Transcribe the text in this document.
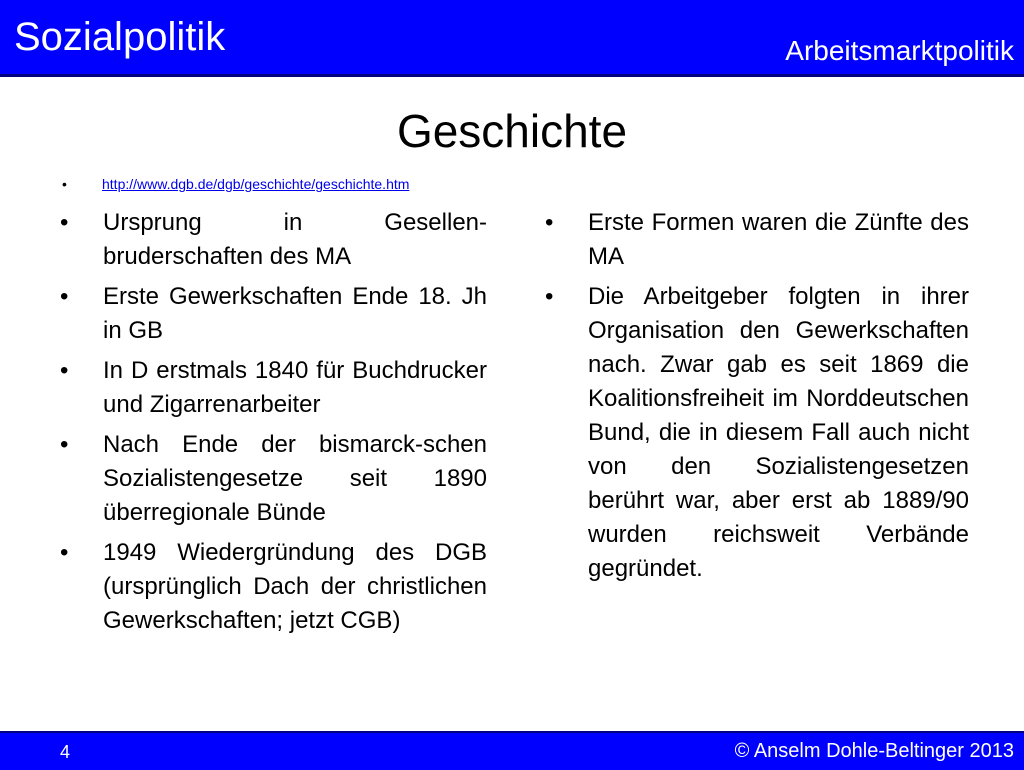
Sozialpolitik	Arbeitsmarktpolitik
Geschichte
•	http://www.dgb.de/dgb/geschichte/geschichte.htm
• Ursprung in Gesellen-bruderschaften des MA
• Erste Gewerkschaften Ende 18. Jh in GB
• In D erstmals 1840 für Buchdrucker und Zigarrenarbeiter
• Nach Ende der bismarck-schen Sozialistengesetze seit 1890 überregionale Bünde
• 1949 Wiedergründung des DGB (ursprünglich Dach der christlichen Gewerkschaften; jetzt CGB)
• Erste Formen waren die Zünfte des MA
• Die Arbeitgeber folgten in ihrer Organisation den Gewerkschaften nach. Zwar gab es seit 1869 die Koalitionsfreiheit im Norddeutschen Bund, die in diesem Fall auch nicht von den Sozialistengesetzen berührt war, aber erst ab 1889/90 wurden reichsweit Verbände gegründet.
4	© Anselm Dohle-Beltinger 2013
